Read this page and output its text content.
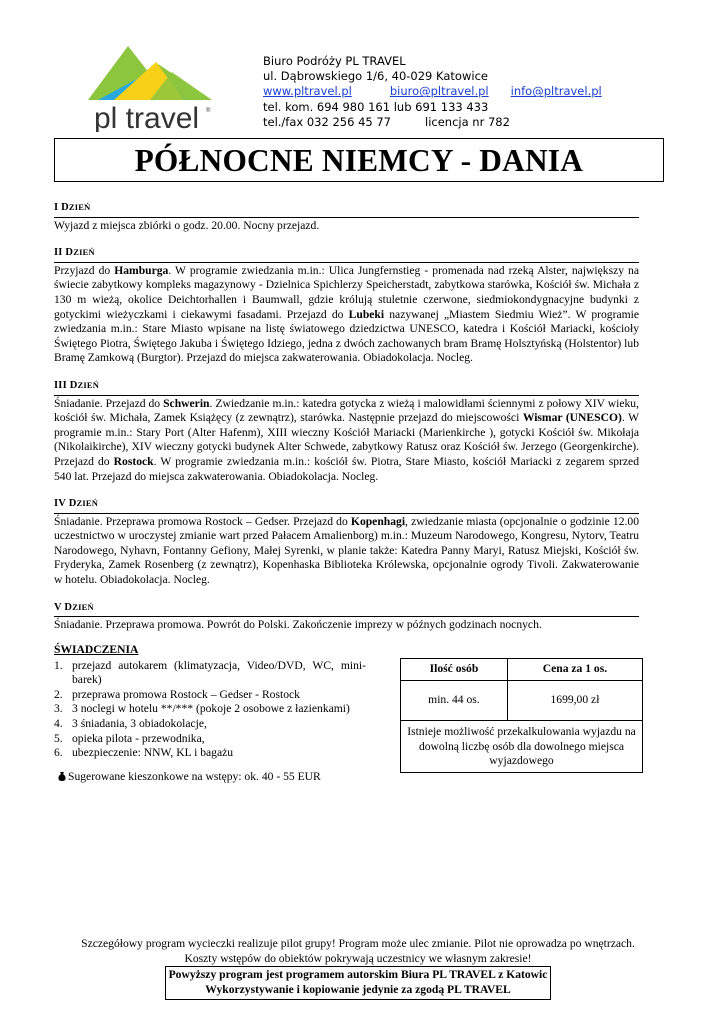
pl travel ®
Biuro Podróży PL TRAVEL
ul. Dąbrowskiego 1/6, 40-029 Katowice
www.pltravel.pl	biuro@pltravel.pl info@pltravel.pl
tel. kom. 694 980 161 lub 691 133 433
tel./fax 032 256 45 77	licencja nr 782
PÓŁNOCNE NIEMCY - DANIA
I DZIEŃ
Wyjazd z miejsca zbiórki o godz. 20.00. Nocny przejazd.
II DZIEŃ
Przyjazd do Hamburga. W programie zwiedzania m.in.: Ulica Jungfernstieg - promenada nad rzeką Alster, największy na świecie zabytkowy kompleks magazynowy - Dzielnica Spichlerzy Speicherstadt, zabytkowa starówka, Kościół św. Michała z 130 m wieżą, okolice Deichtorhallen i Baumwall, gdzie królują stuletnie czerwone, siedmiokondygnacyjne budynki z gotyckimi wieżyczkami i ciekawymi fasadami. Przejazd do Lubeki nazywanej „Miastem Siedmiu Wież”. W programie zwiedzania m.in.: Stare Miasto wpisane na listę światowego dziedzictwa UNESCO, katedra i Kościół Mariacki, kościoły Świętego Piotra, Świętego Jakuba i Świętego Idziego, jedna z dwóch zachowanych bram Bramę Holsztyńską (Holstentor) lub Bramę Zamkową (Burgtor). Przejazd do miejsca zakwaterowania. Obiadokolacja. Nocleg.
III DZIEŃ
Śniadanie. Przejazd do Schwerin. Zwiedzanie m.in.: katedra gotycka z wieżą i malowidłami ściennymi z połowy XIV wieku, kościół św. Michała, Zamek Książęcy (z zewnątrz), starówka. Następnie przejazd do miejscowości Wismar (UNESCO). W programie m.in.: Stary Port (Alter Hafenm), XIII wieczny Kościół Mariacki (Marienkirche ), gotycki Kościół św. Mikołaja (Nikolaikirche), XIV wieczny gotycki budynek Alter Schwede, zabytkowy Ratusz oraz Kościół św. Jerzego (Georgenkirche). Przejazd do Rostock. W programie zwiedzania m.in.: kościół św. Piotra, Stare Miasto, kościół Mariacki z zegarem sprzed 540 lat. Przejazd do miejsca zakwaterowania. Obiadokolacja. Nocleg.
IV DZIEŃ
Śniadanie. Przeprawa promowa Rostock – Gedser. Przejazd do Kopenhagi, zwiedzanie miasta (opcjonalnie o godzinie 12.00 uczestnictwo w uroczystej zmianie wart przed Pałacem Amalienborg) m.in.: Muzeum Narodowego, Kongresu, Nytorv, Teatru Narodowego, Nyhavn, Fontanny Gefiony, Małej Syrenki, w planie także: Katedra Panny Maryi, Ratusz Miejski, Kościół św. Fryderyka, Zamek Rosenberg (z zewnątrz), Kopenhaska Biblioteka Królewska, opcjonalnie ogrody Tivoli. Zakwaterowanie w hotelu. Obiadokolacja. Nocleg.
V DZIEŃ
Śniadanie. Przeprawa promowa. Powrót do Polski. Zakończenie imprezy w późnych godzinach nocnych.
ŚWIADCZENIA
1. przejazd autokarem (klimatyzacja, Video/DVD, WC, mini-barek)
2. przeprawa promowa Rostock – Gedser - Rostock
3. 3 noclegi w hotelu **/*** (pokoje 2 osobowe z łazienkami)
4. 3 śniadania, 3 obiadokolacje,
5. opieka pilota - przewodnika,
6. ubezpieczenie: NNW, KL i bagażu
Sugerowane kieszonkowe na wstępy: ok. 40 - 55 EUR
Ilość osób	Cena za 1 os.
min. 44 os.	1699,00 zł
Istnieje możliwość przekalkulowania wyjazdu na dowolną liczbę osób dla dowolnego miejsca wyjazdowego	
Szczegółowy program wycieczki realizuje pilot grupy! Program może ulec zmianie. Pilot nie oprowadza po wnętrzach.
Koszty wstępów do obiektów pokrywają uczestnicy we własnym zakresie!
Powyższy program jest programem autorskim Biura PL TRAVEL z Katowic
Wykorzystywanie i kopiowanie jedynie za zgodą PL TRAVEL
